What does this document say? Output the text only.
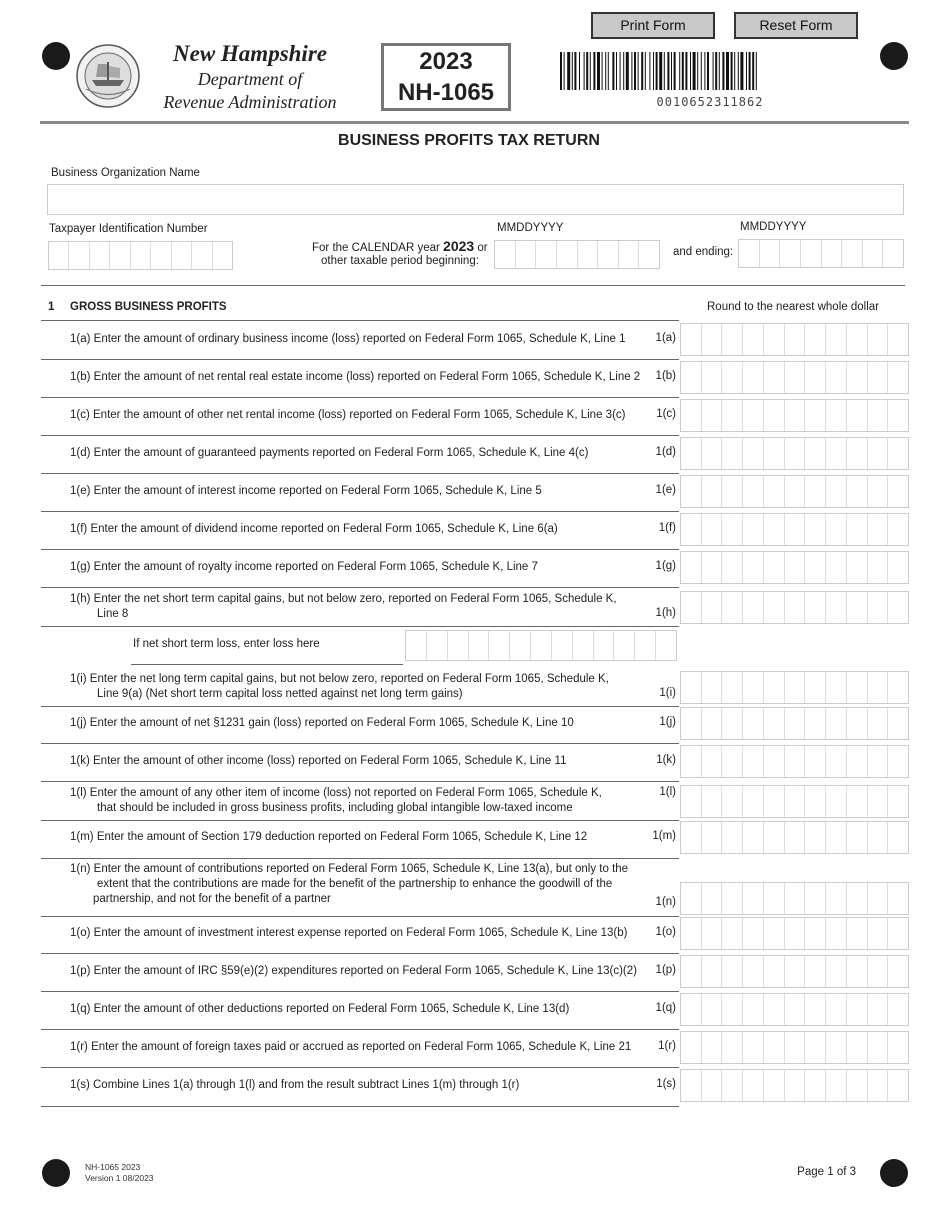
Print Form	Reset Form
New Hampshire
Department of
Revenue Administration
2023
NH-1065	0010652311862
BUSINESS PROFITS TAX RETURN
Business Organization Name
Taxpayer Identification Number
For the CALENDAR year 2023 or
other taxable period beginning:
MMDDYYYY
and ending:
MMDDYYYY
1 GROSS BUSINESS PROFITS	Round to the nearest whole dollar
1(a) Enter the amount of ordinary business income (loss) reported on Federal Form 1065, Schedule K, Line 1	1(a)
1(b) Enter the amount of net rental real estate income (loss) reported on Federal Form 1065, Schedule K, Line 2	1(b)
1(c) Enter the amount of other net rental income (loss) reported on Federal Form 1065, Schedule K, Line 3(c)	1(c)
1(d) Enter the amount of guaranteed payments reported on Federal Form 1065, Schedule K, Line 4(c)	1(d)
1(e) Enter the amount of interest income reported on Federal Form 1065, Schedule K, Line 5	1(e)
1(f) Enter the amount of dividend income reported on Federal Form 1065, Schedule K, Line 6(a)	1(f)
1(g) Enter the amount of royalty income reported on Federal Form 1065, Schedule K, Line 7	1(g)
1(h) Enter the net short term capital gains, but not below zero, reported on Federal Form 1065, Schedule K,
Line 8	1(h)
1(i) Enter the net long term capital gains, but not below zero, reported on Federal Form 1065, Schedule K,
Line 9(a) (Net short term capital loss netted against net long term gains)	1(i)
1(j) Enter the amount of net §1231 gain (loss) reported on Federal Form 1065, Schedule K, Line 10	1(j)
1(k) Enter the amount of other income (loss) reported on Federal Form 1065, Schedule K, Line 11	1(k)
1(l) Enter the amount of any other item of income (loss) not reported on Federal Form 1065, Schedule K,
that should be included in gross business profits, including global intangible low-taxed income
1(l)
1(m) Enter the amount of Section 179 deduction reported on Federal Form 1065, Schedule K, Line 12	1(m)
1(n) Enter the amount of contributions reported on Federal Form 1065, Schedule K, Line 13(a), but only to the
extent that the contributions are made for the benefit of the partnership to enhance the goodwill of the
partnership, and not for the benefit of a partner	1(n)
1(o) Enter the amount of investment interest expense reported on Federal Form 1065, Schedule K, Line 13(b)	1(o)
1(p) Enter the amount of IRC §59(e)(2) expenditures reported on Federal Form 1065, Schedule K, Line 13(c)(2)	1(p)
1(q) Enter the amount of other deductions reported on Federal Form 1065, Schedule K, Line 13(d)	1(q)
1(r) Enter the amount of foreign taxes paid or accrued as reported on Federal Form 1065, Schedule K, Line 21	1(r)
1(s) Combine Lines 1(a) through 1(l) and from the result subtract Lines 1(m) through 1(r)	1(s)
If net short term loss, enter loss here
NH-1065 2023
Version 1 08/2023	Page 1 of 3
